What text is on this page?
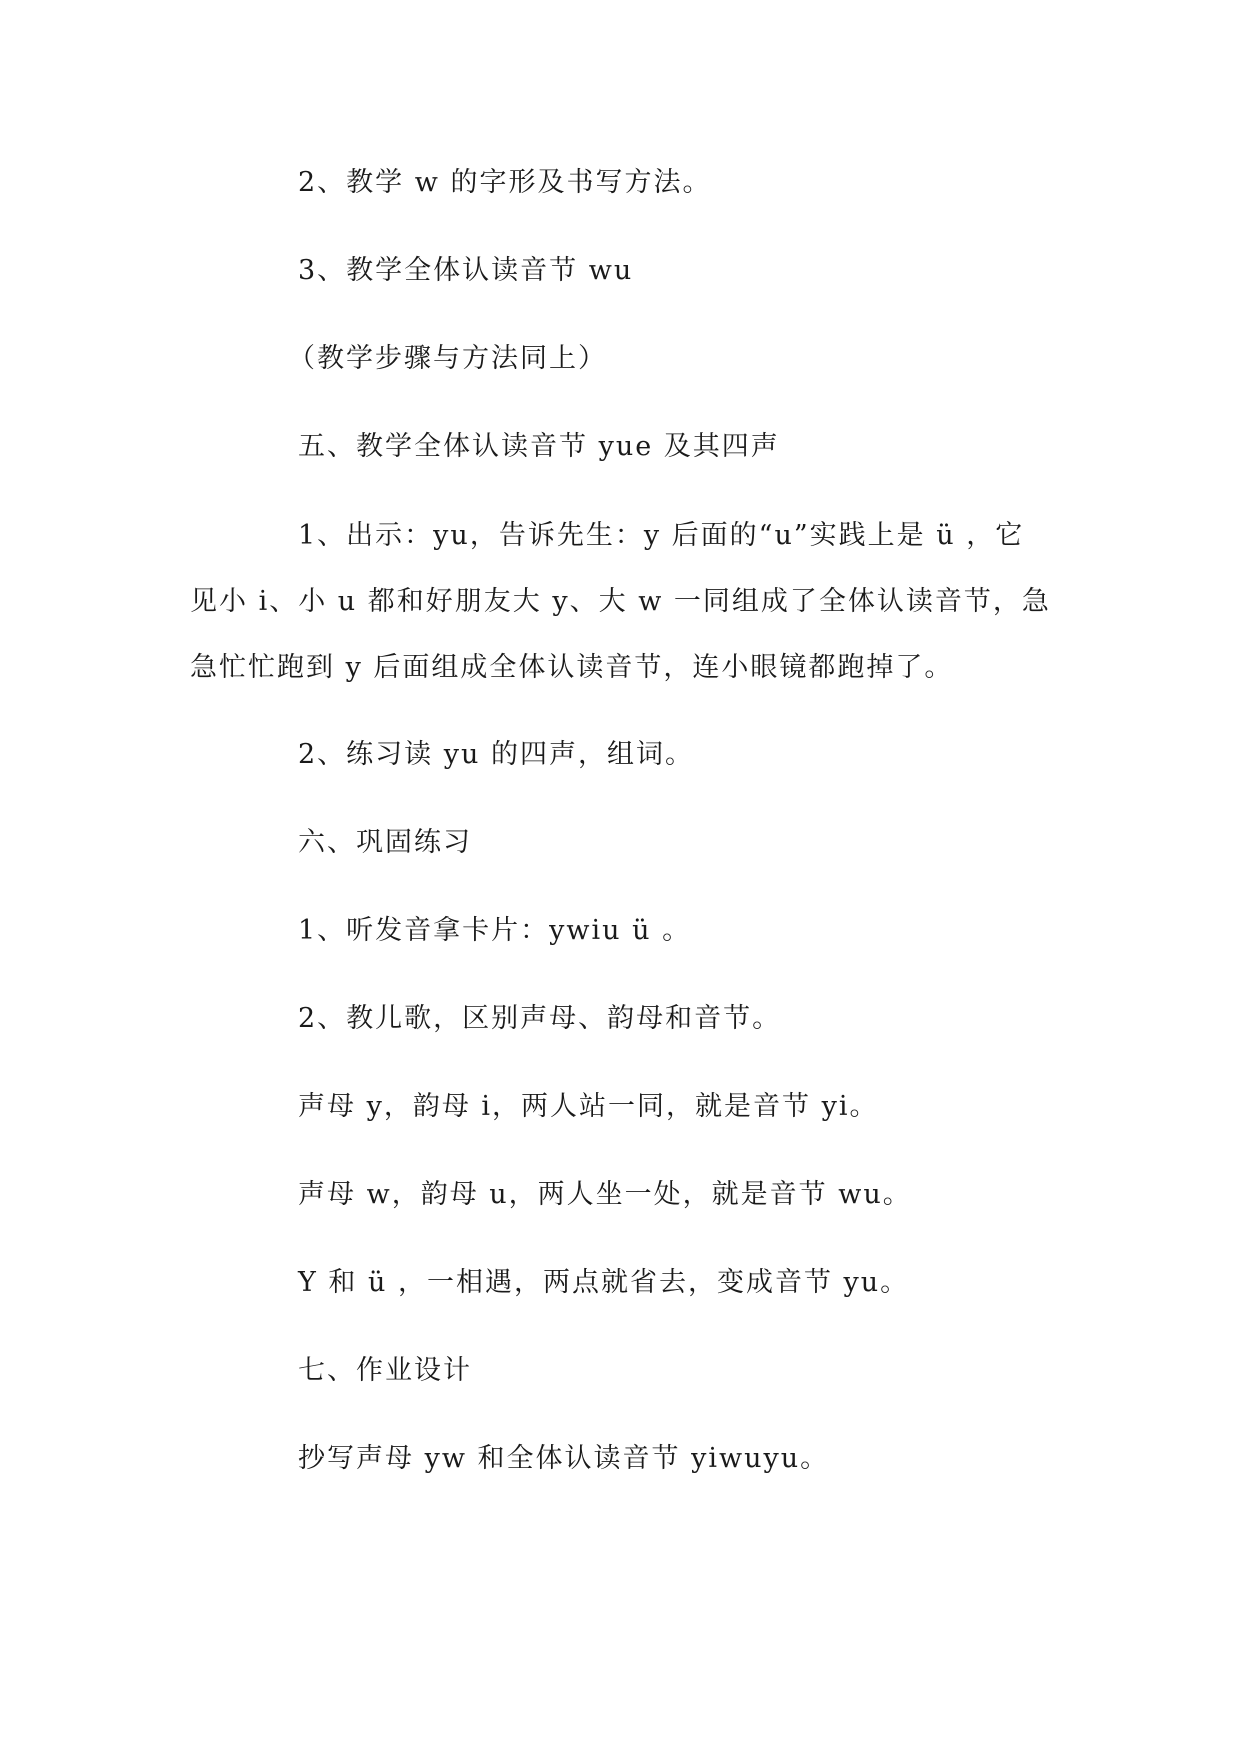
2、教学 w 的字形及书写方法。

3、教学全体认读音节 wu

（教学步骤与方法同上）

五、教学全体认读音节 yue 及其四声

1、出示：yu，告诉先生：y 后面的“u”实践上是 ü ，它
见小 i、小 u 都和好朋友大 y、大 w 一同组成了全体认读音节，急
急忙忙跑到 y 后面组成全体认读音节，连小眼镜都跑掉了。

2、练习读 yu 的四声，组词。

六、巩固练习

1、听发音拿卡片：ywiu ü 。

2、教儿歌，区别声母、韵母和音节。

声母 y，韵母 i，两人站一同，就是音节 yi。

声母 w，韵母 u，两人坐一处，就是音节 wu。

Y 和 ü ，一相遇，两点就省去，变成音节 yu。

七、作业设计

抄写声母 yw 和全体认读音节 yiwuyu。
